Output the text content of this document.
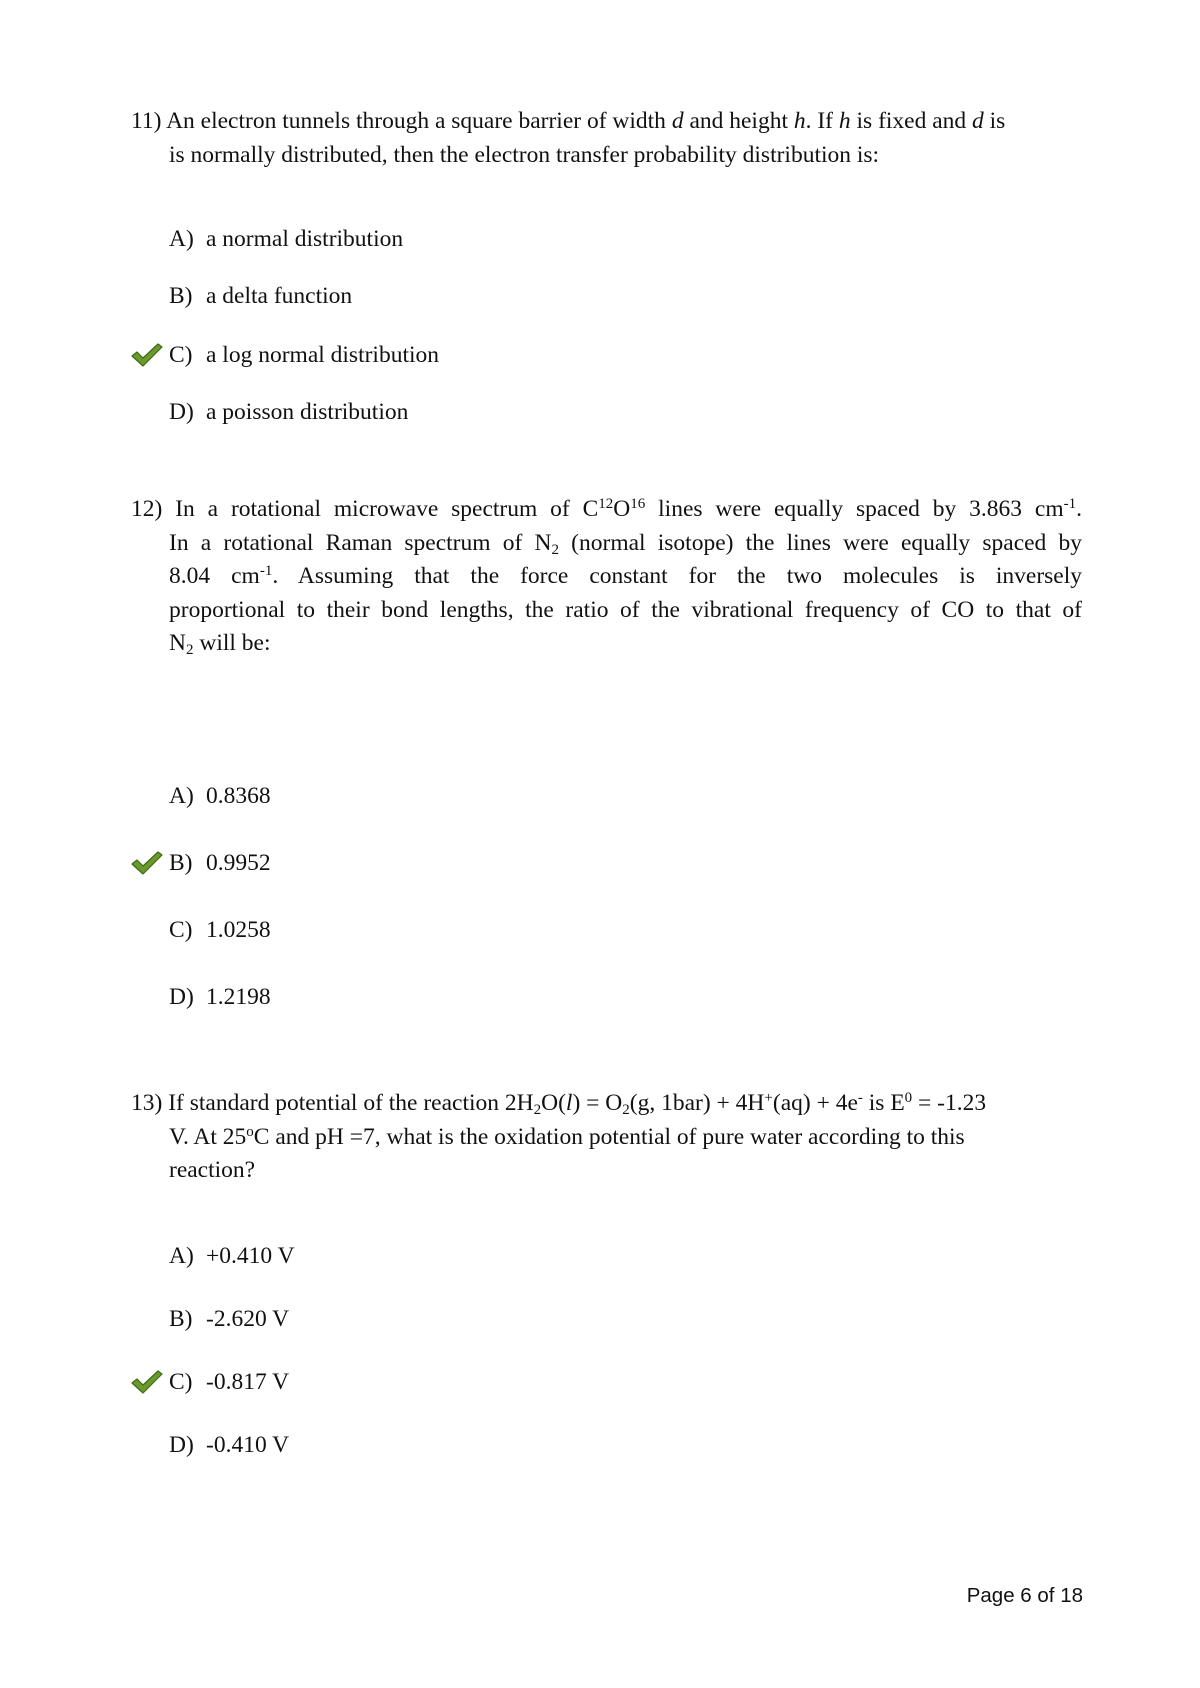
11) An electron tunnels through a square barrier of width d and height h. If h is fixed and d is
is normally distributed, then the electron transfer probability distribution is:
A) a normal distribution
B) a delta function
C) a log normal distribution
D) a poisson distribution
12) In a rotational microwave spectrum of $C^{12}O^{16}$ lines were equally spaced by 3.863 $cm^{-1}$.
In a rotational Raman spectrum of $N_2$ (normal isotope) the lines were equally spaced by
8.04 $cm^{-1}$. Assuming that the force constant for the two molecules is inversely
proportional to their bond lengths, the ratio of the vibrational frequency of CO to that of
$N_2$ will be:
A) 0.8368
B) 0.9952
C) 1.0258
D) 1.2198
13) If standard potential of the reaction $2H_2O(l) = O_2(g$, 1bar) + 4H+(aq) + 4e- is $E^0 = -1.23$
V. At 25$^o$C and pH =7, what is the oxidation potential of pure water according to this
reaction?
A) +0.410 V
B) -2.620 V
C) -0.817 V
D) -0.410 V
Page 6 of 18
